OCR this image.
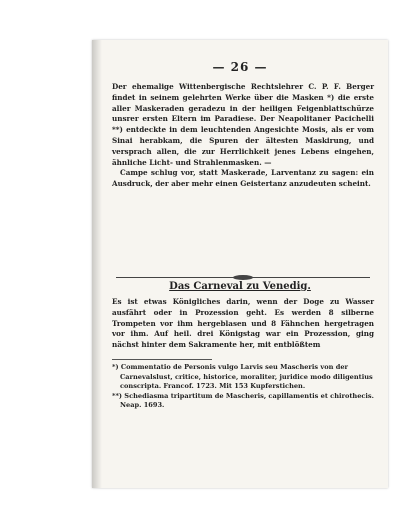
— 26 —

Der ehemalige Wittenbergische Rechtslehrer C. P. F. Berger findet in seinem gelehrten Werke über die Masken *) die erste aller Maskeraden geradezu in der heiligen Feigenblattschürze unsrer ersten Eltern im Paradiese. Der Neapolitaner Pacichelli **) entdeckte in dem leuchtenden Angesichte Mosis, als er vom Sinai herabkam, die Spuren der ältesten Maskirung, und versprach allen, die zur Herrlichkeit jenes Lebens eingehen, ähnliche Licht- und Strahlenmasken. —

Campe schlug vor, statt Maskerade, Larventanz zu sagen: ein Ausdruck, der aber mehr einen Geistertanz anzudeuten scheint.

Das Carneval zu Venedig.

Es ist etwas Königliches darin, wenn der Doge zu Wasser ausfährt oder in Prozession geht. Es werden 8 silberne Trompeten vor ihm hergeblasen und 8 Fähnchen hergetragen vor ihm. Auf heil. drei Königstag war ein Prozession, ging nächst hinter dem Sakramente her, mit entblößtem

*) Commentatio de Personis vulgo Larvis seu Mascheris von der Carnevalslust, critice, historice, moraliter, juridice modo diligentius conscripta. Francof. 1723. Mit 153 Kupferstichen.

**) Schediasma tripartitum de Mascheris, capillamentis et chirothecis. Neap. 1693.
